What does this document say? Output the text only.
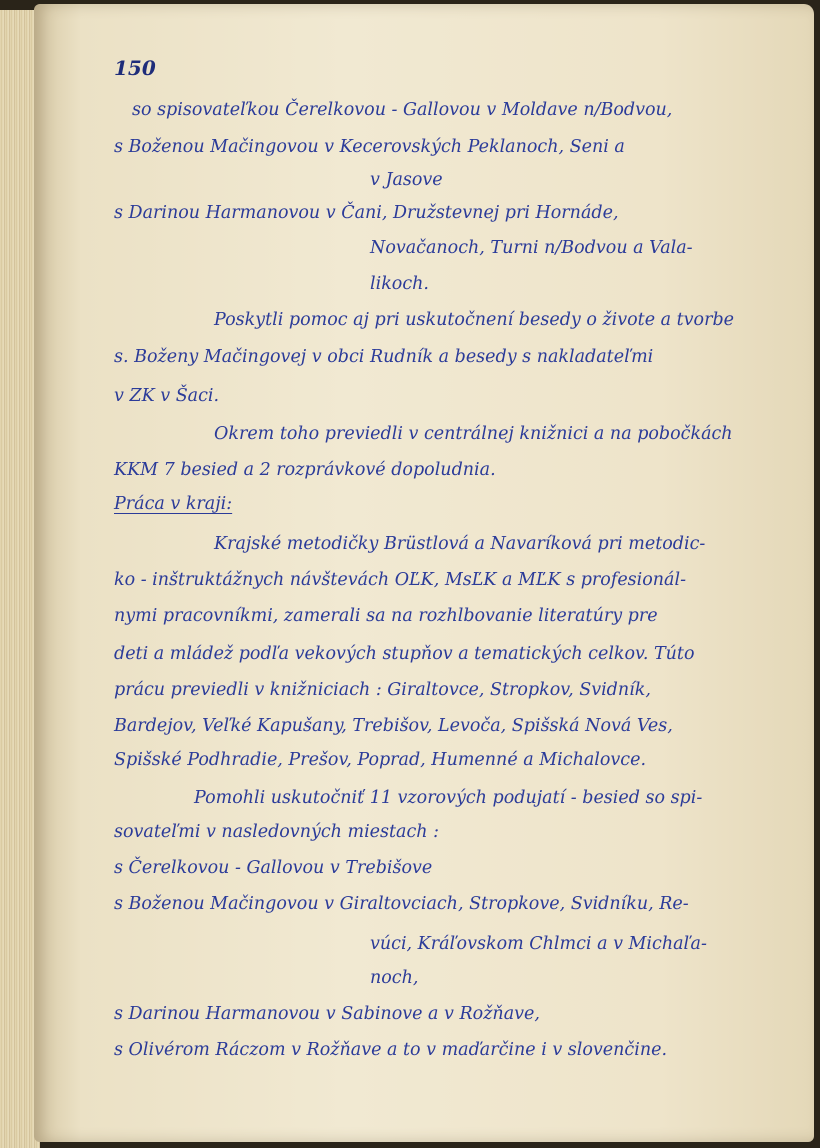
150
so spisovateľkou Čerelkovou - Gallovou v Moldave n/Bodvou,
s Boženou Mačingovou v Kecerovských Peklanoch, Seni a
v Jasove
s Darinou Harmanovou v Čani, Družstevnej pri Hornáde,
Novačanoch, Turni n/Bodvou a Vala-
likoch.
Poskytli pomoc aj pri uskutočnení besedy o živote a tvorbe
s. Boženy Mačingovej v obci Rudník a besedy s nakladateľmi
v ZK v Šaci.
Okrem toho previedli v centrálnej knižnici a na pobočkách
KKM 7 besied a 2 rozprávkové dopoludnia.
Práca v kraji:
Krajské metodičky Brüstlová a Navaríková pri metodic-
ko - inštruktážnych návštevách OĽK, MsĽK a MĽK s profesionál-
nymi pracovníkmi, zamerali sa na rozhlbovanie literatúry pre
deti a mládež podľa vekových stupňov a tematických celkov. Túto
prácu previedli v knižniciach : Giraltovce, Stropkov, Svidník,
Bardejov, Veľké Kapušany, Trebišov, Levoča, Spišská Nová Ves,
Spišské Podhradie, Prešov, Poprad, Humenné a Michalovce.
Pomohli uskutočniť 11 vzorových podujatí - besied so spi-
sovateľmi v nasledovných miestach :
s Čerelkovou - Gallovou v Trebišove
s Boženou Mačingovou v Giraltovciach, Stropkove, Svidníku, Re-
vúci, Kráľovskom Chlmci a v Michaľa-
noch,
s Darinou Harmanovou v Sabinove a v Rožňave,
s Olivérom Ráczom v Rožňave a to v maďarčine i v slovenčine.
